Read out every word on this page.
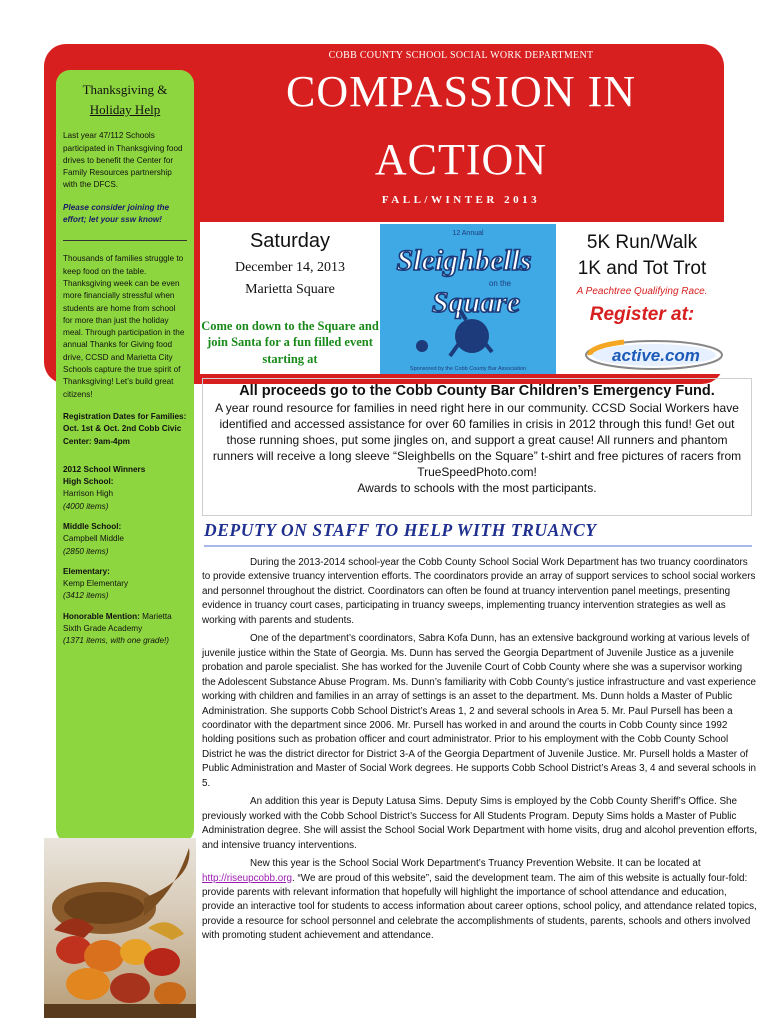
COBB COUNTY SCHOOL SOCIAL WORK DEPARTMENT
COMPASSION IN
ACTION
FALL/WINTER 2013
Thanksgiving &
Holiday Help
Last year 47/112 Schools participated in Thanksgiving food drives to benefit the Center for Family Resources partnership with the DFCS.
Please consider joining the effort; let your ssw know!
Thousands of families struggle to keep food on the table. Thanksgiving week can be even more financially stressful when students are home from school for more than just the holiday meal. Through participation in the annual Thanks for Giving food drive, CCSD and Marietta City Schools capture the true spirit of Thanksgiving! Let’s build great citizens!
Registration Dates for Families: Oct. 1st & Oct. 2nd Cobb Civic Center: 9am-4pm
2012 School Winners
High School:
Harrison High
(4000 items)
Middle School:
Campbell Middle
(2850 items)
Elementary:
Kemp Elementary
(3412 items)
Honorable Mention: Marietta Sixth Grade Academy
(1371 items, with one grade!)
Saturday
December 14, 2013
Marietta Square
Come on down to the Square and join Santa for a fun filled event starting at
12 Annual
Sleighbells
on the
Square
Sponsored by the Cobb County Bar Association
5K Run/Walk
1K and Tot Trot
A Peachtree Qualifying Race.
Register at:
active.com
All proceeds go to the Cobb County Bar Children’s Emergency Fund.

A year round resource for families in need right here in our community. CCSD Social Workers have identified and accessed assistance for over 60 families in crisis in 2012 through this fund! Get out those running shoes, put some jingles on, and support a great cause! All runners and phantom runners will receive a long sleeve “Sleighbells on the Square” t-shirt and free pictures of racers from TrueSpeedPhoto.com!

Awards to schools with the most participants.

DEPUTY ON STAFF TO HELP WITH TRUANCY

During the 2013-2014 school-year the Cobb County School Social Work Department has two truancy coordinators to provide extensive truancy intervention efforts. The coordinators provide an array of support services to school social workers and personnel throughout the district. Coordinators can often be found at truancy intervention panel meetings, presenting evidence in truancy court cases, participating in truancy sweeps, implementing truancy intervention strategies as well as working with parents and students.

One of the department’s coordinators, Sabra Kofa Dunn, has an extensive background working at various levels of juvenile justice within the State of Georgia. Ms. Dunn has served the Georgia Department of Juvenile Justice as a juvenile probation and parole specialist. She has worked for the Juvenile Court of Cobb County where she was a supervisor working the Adolescent Substance Abuse Program. Ms. Dunn’s familiarity with Cobb County’s justice infrastructure and vast experience working with children and families in an array of settings is an asset to the department. Ms. Dunn holds a Master of Public Administration. She supports Cobb School District’s Areas 1, 2 and several schools in Area 5. Mr. Paul Pursell has been a coordinator with the department since 2006. Mr. Pursell has worked in and around the courts in Cobb County since 1992 holding positions such as probation officer and court administrator. Prior to his employment with the Cobb County School District he was the district director for District 3-A of the Georgia Department of Juvenile Justice. Mr. Pursell holds a Master of Public Administration and Master of Social Work degrees. He supports Cobb School District’s Areas 3, 4 and several schools in 5.

An addition this year is Deputy Latusa Sims. Deputy Sims is employed by the Cobb County Sheriff’s Office. She previously worked with the Cobb School District’s Success for All Students Program. Deputy Sims holds a Master of Public Administration degree. She will assist the School Social Work Department with home visits, drug and alcohol prevention efforts, and intensive truancy interventions.

New this year is the School Social Work Department’s Truancy Prevention Website. It can be located at http://riseupcobb.org. “We are proud of this website”, said the development team. The aim of this website is actually four-fold: provide parents with relevant information that hopefully will highlight the importance of school attendance and education, provide an interactive tool for students to access information about career options, school policy, and attendance related topics, provide a resource for school personnel and celebrate the accomplishments of students, parents, schools and others involved with promoting student achievement and attendance.
